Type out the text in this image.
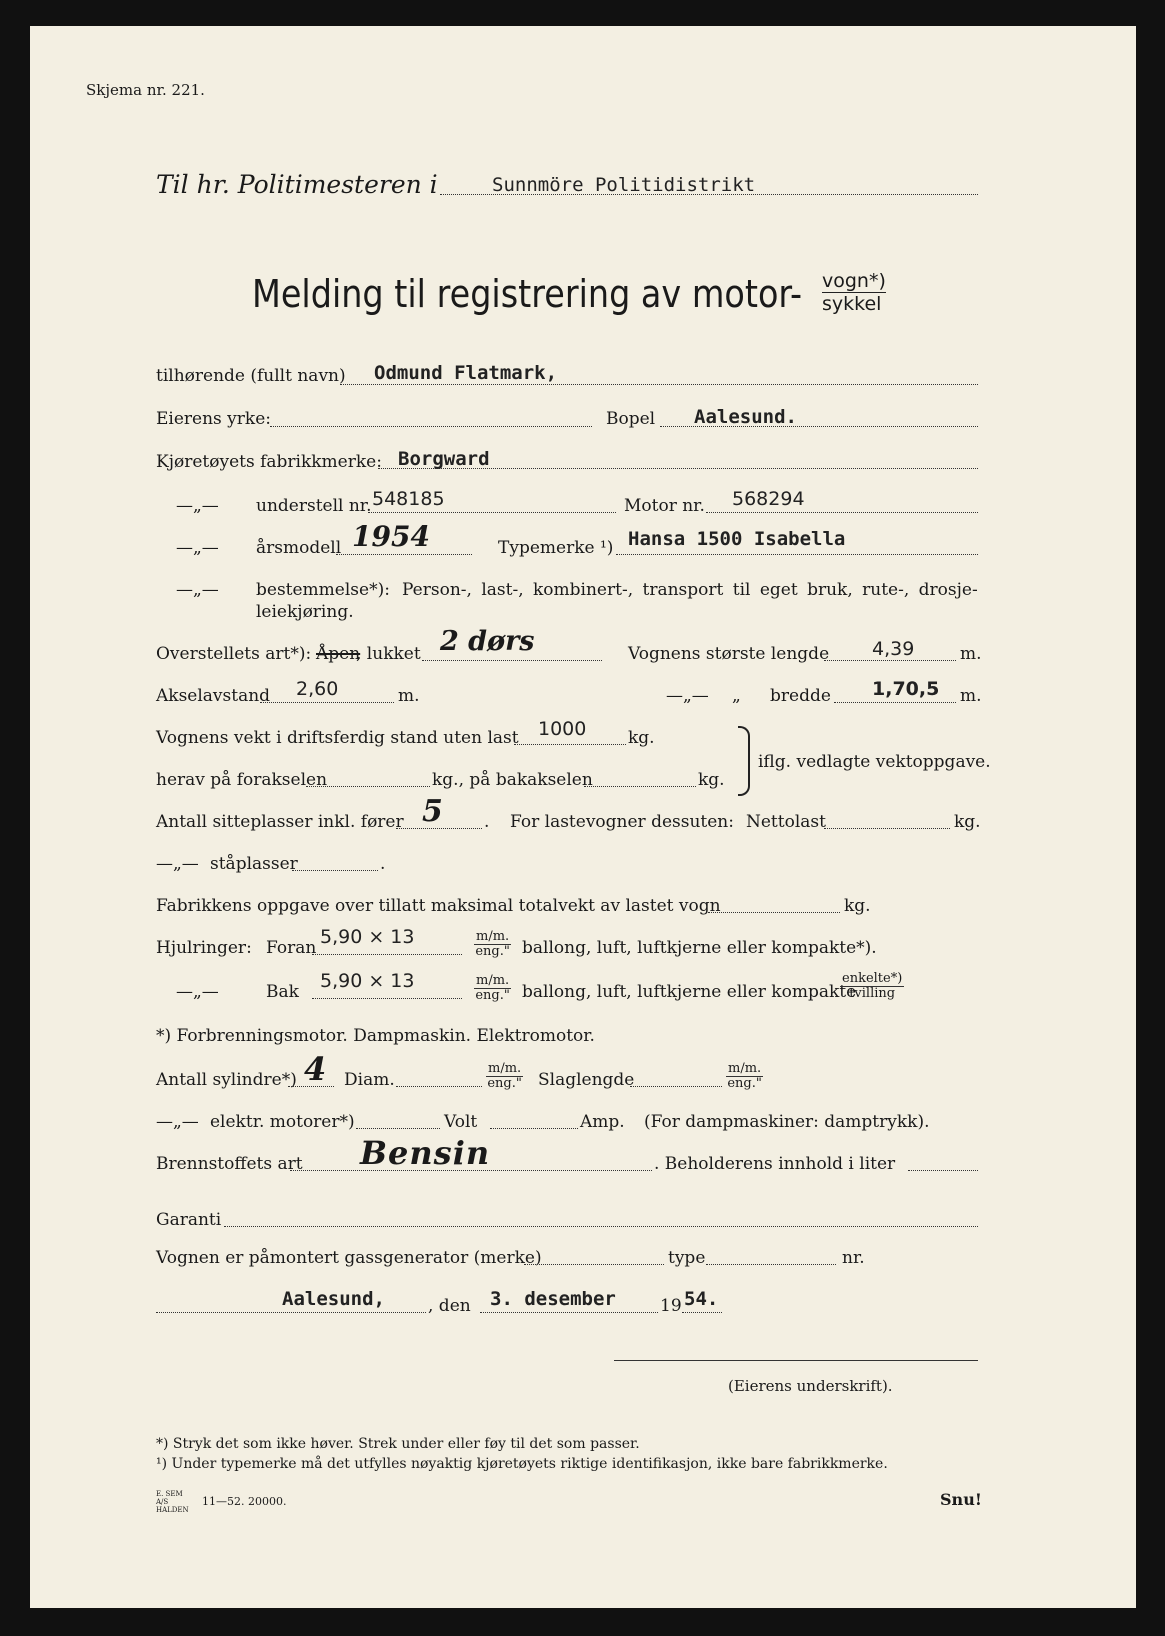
Skjema nr. 221.
Til hr. Politimesteren i	Sunnmöre Politidistrikt
Melding til registrering av motor- vogn*)
sykkel
tilhørende (fullt navn) Odmund Flatmark,
Eierens yrke:	Bopel Aalesund.
Kjøretøyets fabrikkmerke: Borgward
—„— understell nr. 548185	Motor nr. 568294
—„— årsmodell 1954	Typemerke ¹) Hansa 1500 Isabella
—„— bestemmelse*): Person-, last-, kombinert-, transport til eget bruk, rute-, drosje-
leiekjøring.
Overstellets art*): Åpen
, lukket 2 dørs	Vognens største lengde 4,39	m.
Akselavstand 2,60	m.	—„— „ bredde 1,70,5 m.
Vognens vekt i driftsferdig stand uten last 1000 kg.
herav på forakselen	kg., på bakakselen	kg.
iflg. vedlagte vektoppgave.
Antall sitteplasser inkl. fører 5 . For lastevogner dessuten: Nettolast	kg.
—„— ståplasser	.
Fabrikkens oppgave over tillatt maksimal totalvekt av lastet vogn	kg.
Hjulringer: Foran 5,90 × 13	m/m.
eng." ballong, luft, luftkjerne eller kompakte*).
—„—	Bak 5,90 × 13	m/m.
eng." ballong, luft, luftkjerne eller kompakte
enkelte*)
tvilling
*) Forbrenningsmotor. Dampmaskin. Elektromotor.
Antall sylindre*) 4 Diam.
m/m.
eng." Slaglengde
m/m.
eng."
—„— elektr. motorer*)	Volt	Amp. (For dampmaskiner: damptrykk).
Brennstoffets art Bensin	. Beholderens innhold i liter
Garanti
Vognen er påmontert gassgenerator (merke)	type	nr.
Aalesund,	, den 3. desember	19 54.
(Eierens underskrift).
*) Stryk det som ikke høver. Strek under eller føy til det som passer.
¹) Under typemerke må det utfylles nøyaktig kjøretøyets riktige identifikasjon, ikke bare fabrikkmerke.
E. SEM A/S HALDEN
11—52. 20000.	Snu!
